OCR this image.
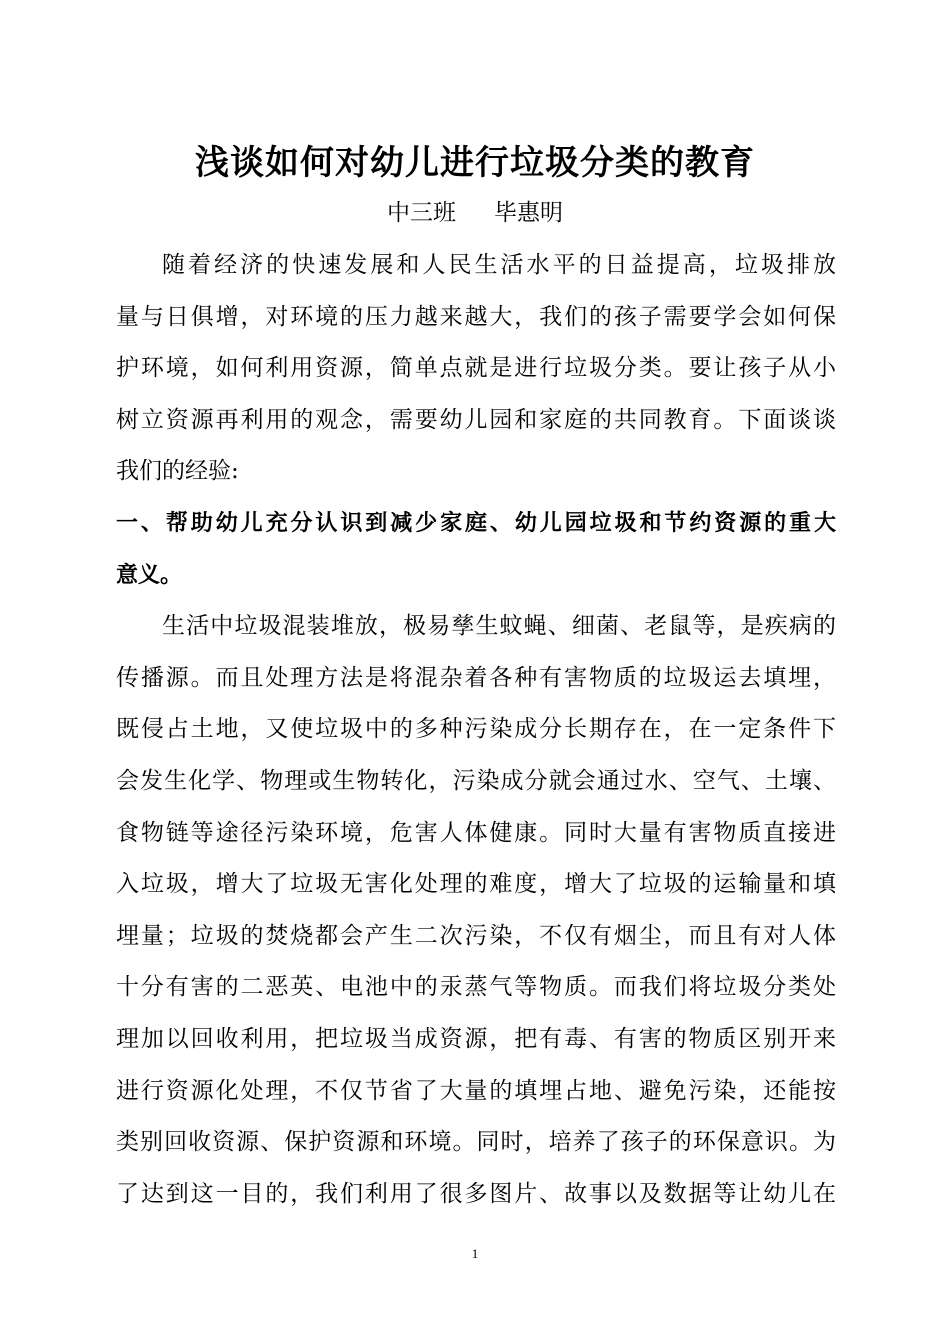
浅谈如何对幼儿进行垃圾分类的教育
中三班 毕惠明
随着经济的快速发展和人民生活水平的日益提高，垃圾排放
量与日俱增，对环境的压力越来越大，我们的孩子需要学会如何保
护环境，如何利用资源，简单点就是进行垃圾分类。要让孩子从小
树立资源再利用的观念，需要幼儿园和家庭的共同教育。下面谈谈
我们的经验:
一、帮助幼儿充分认识到减少家庭、幼儿园垃圾和节约资源的重大
意义。
生活中垃圾混装堆放，极易孳生蚊蝇、细菌、老鼠等，是疾病的
传播源。而且处理方法是将混杂着各种有害物质的垃圾运去填埋，
既侵占土地，又使垃圾中的多种污染成分长期存在，在一定条件下
会发生化学、物理或生物转化，污染成分就会通过水、空气、土壤、
食物链等途径污染环境，危害人体健康。同时大量有害物质直接进
入垃圾，增大了垃圾无害化处理的难度，增大了垃圾的运输量和填
埋量；垃圾的焚烧都会产生二次污染，不仅有烟尘，而且有对人体
十分有害的二恶英、电池中的汞蒸气等物质。而我们将垃圾分类处
理加以回收利用，把垃圾当成资源，把有毒、有害的物质区别开来
进行资源化处理，不仅节省了大量的填埋占地、避免污染，还能按
类别回收资源、保护资源和环境。同时，培养了孩子的环保意识。为
了达到这一目的，我们利用了很多图片、故事以及数据等让幼儿在
1
